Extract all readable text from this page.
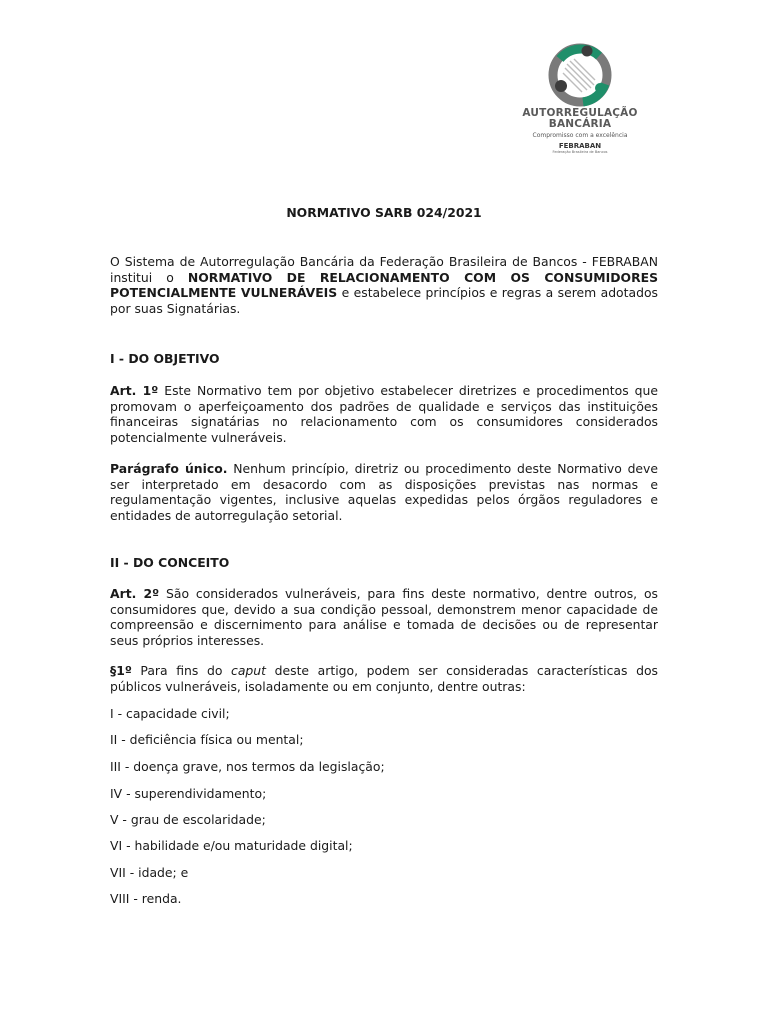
AUTORREGULAÇÃO
BANCÁRIA
Compromisso com a excelência
FEBRABAN
Federação Brasileira de Bancos
NORMATIVO SARB 024/2021
O Sistema de Autorregulação Bancária da Federação Brasileira de Bancos - FEBRABAN institui o NORMATIVO DE RELACIONAMENTO COM OS CONSUMIDORES POTENCIALMENTE VULNERÁVEIS e estabelece princípios e regras a serem adotados por suas Signatárias.
I - DO OBJETIVO
Art. 1º Este Normativo tem por objetivo estabelecer diretrizes e procedimentos que promovam o aperfeiçoamento dos padrões de qualidade e serviços das instituições financeiras signatárias no relacionamento com os consumidores considerados potencialmente vulneráveis.
Parágrafo único. Nenhum princípio, diretriz ou procedimento deste Normativo deve ser interpretado em desacordo com as disposições previstas nas normas e regulamentação vigentes, inclusive aquelas expedidas pelos órgãos reguladores e entidades de autorregulação setorial.
II - DO CONCEITO
Art. 2º São considerados vulneráveis, para fins deste normativo, dentre outros, os consumidores que, devido a sua condição pessoal, demonstrem menor capacidade de compreensão e discernimento para análise e tomada de decisões ou de representar seus próprios interesses.
§1º Para fins do caput deste artigo, podem ser consideradas características dos públicos vulneráveis, isoladamente ou em conjunto, dentre outras:
I - capacidade civil;
II - deficiência física ou mental;
III - doença grave, nos termos da legislação;
IV - superendividamento;
V - grau de escolaridade;
VI - habilidade e/ou maturidade digital;
VII - idade; e
VIII - renda.
